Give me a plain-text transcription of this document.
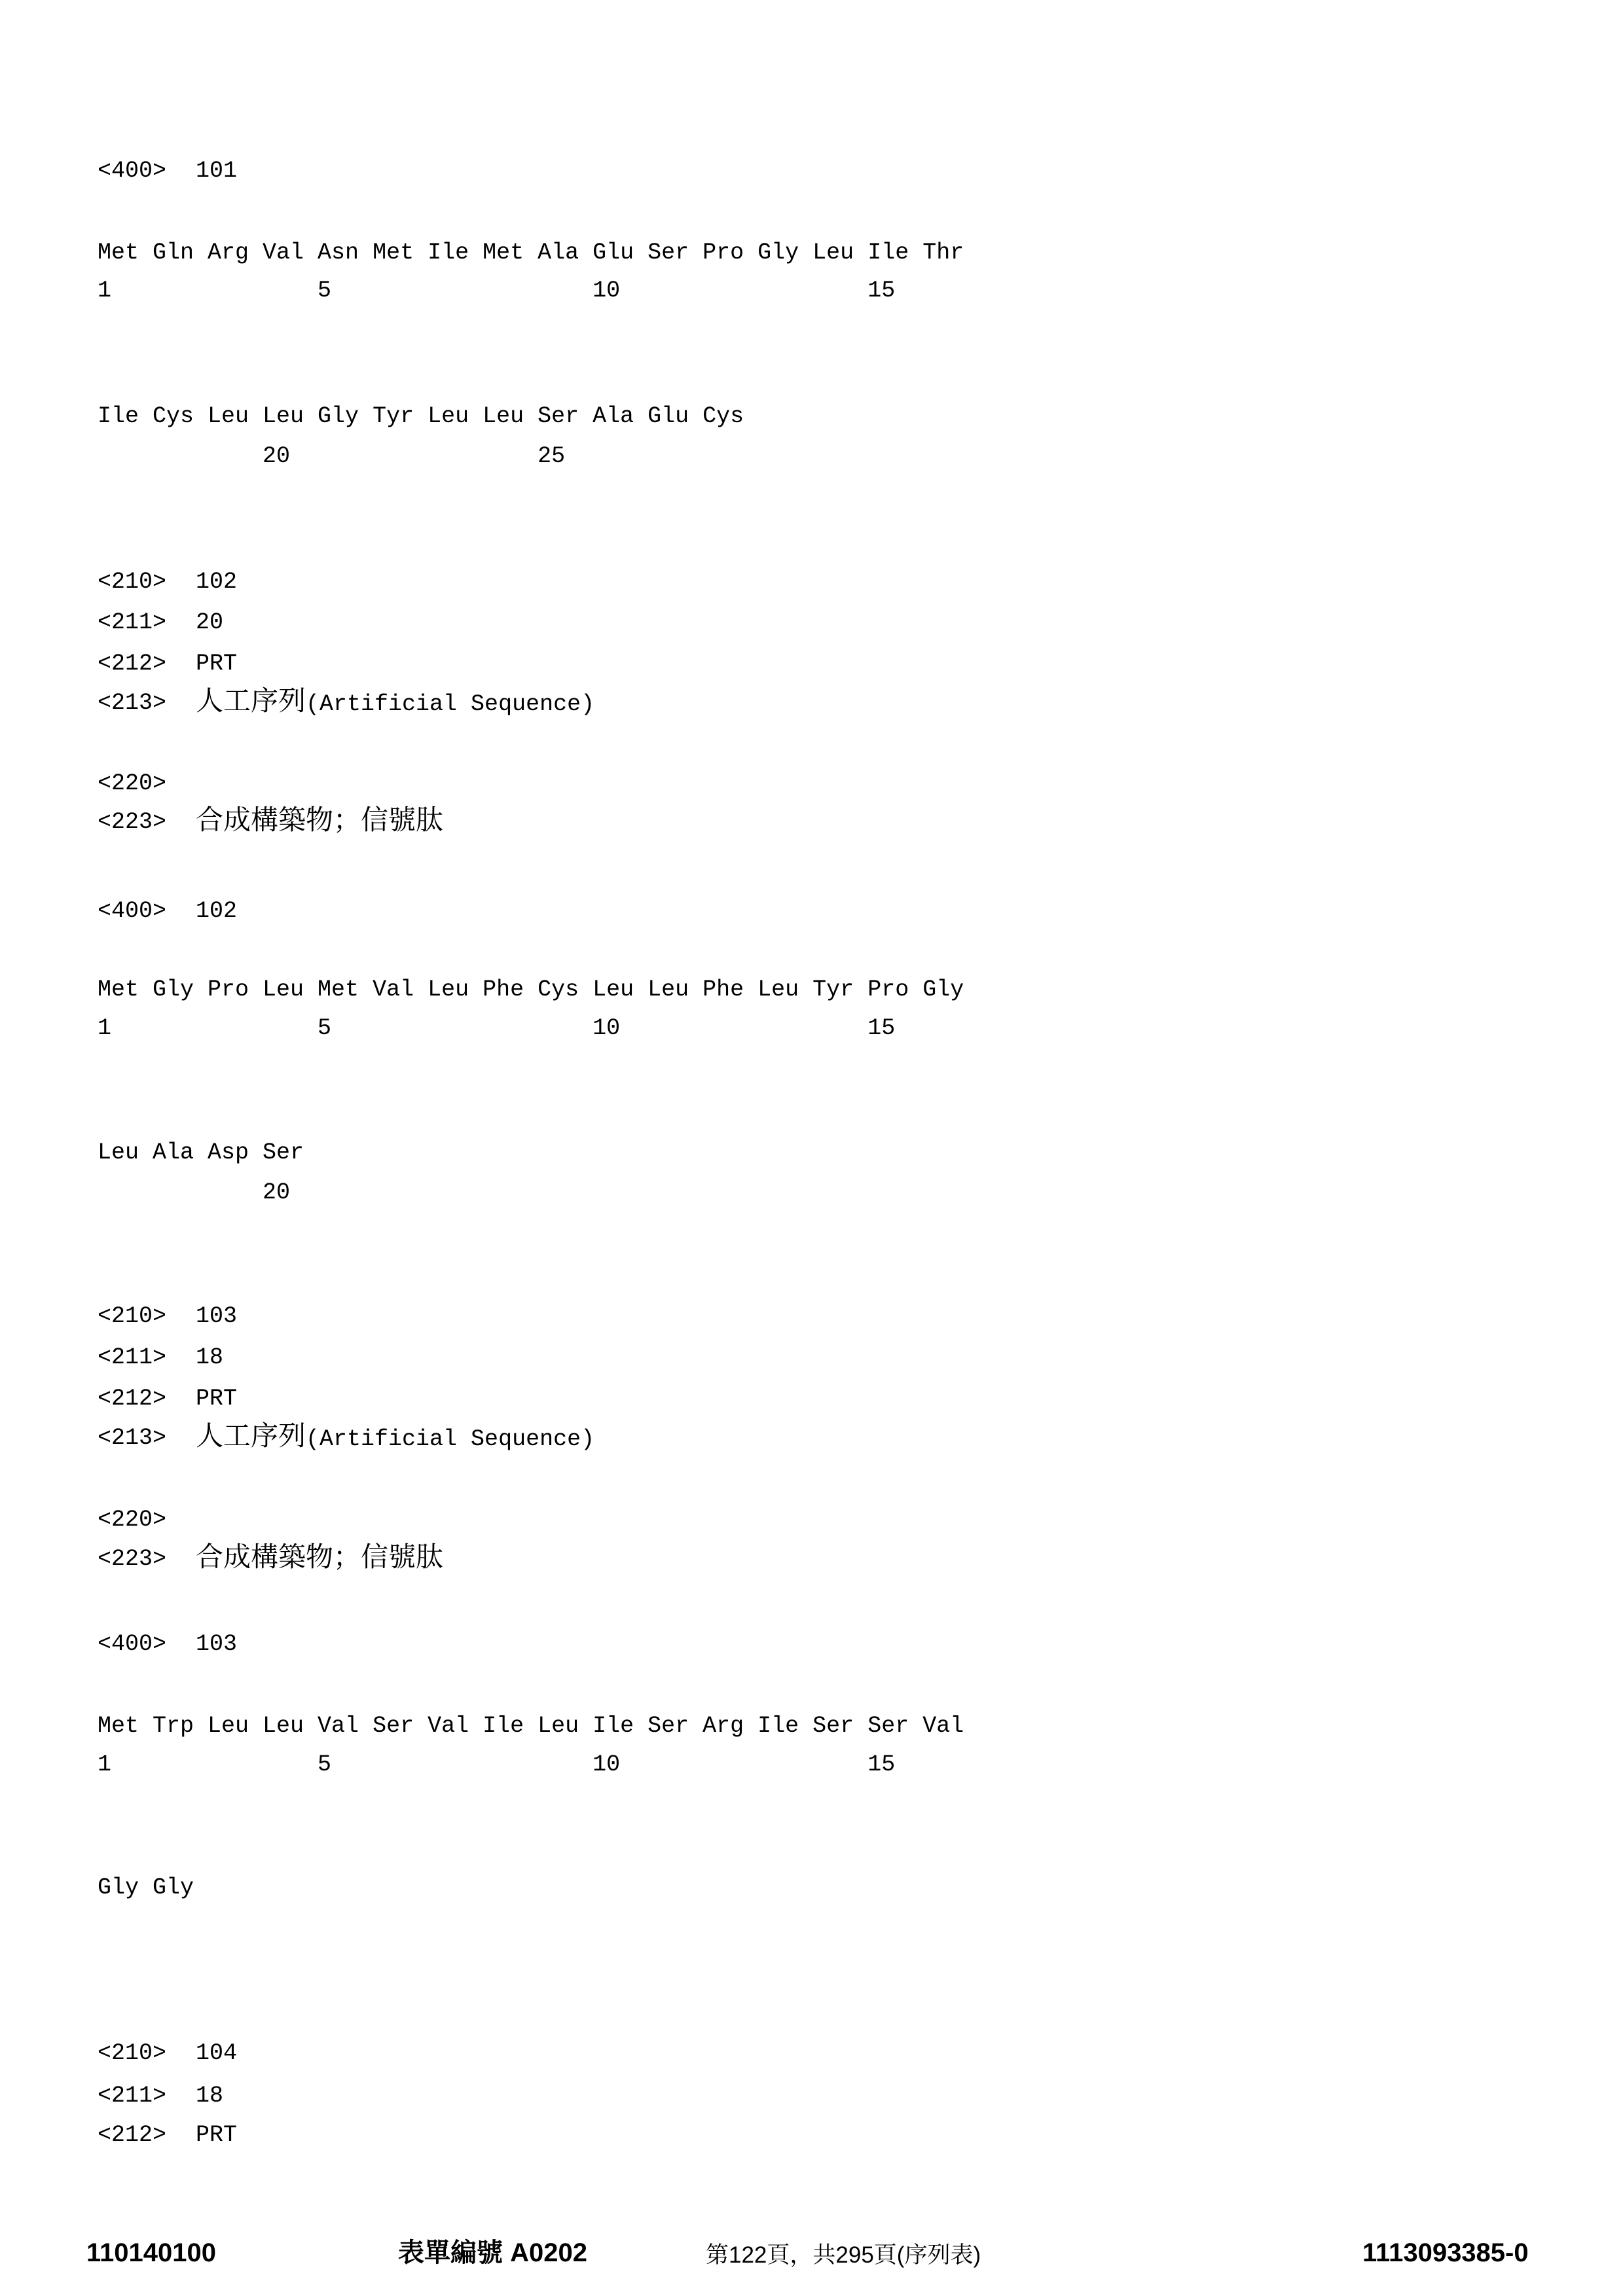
<400> 101
Met Gln Arg Val Asn Met Ile Met Ala Glu Ser Pro Gly Leu Ile Thr
1               5                   10                  15
Ile Cys Leu Leu Gly Tyr Leu Leu Ser Ala Glu Cys
20                  25
<210> 102
<211> 20
<212> PRT
<213> 人工序列(Artificial Sequence)
<220>
<223> 合成構築物；信號肽
<400> 102
Met Gly Pro Leu Met Val Leu Phe Cys Leu Leu Phe Leu Tyr Pro Gly
1               5                   10                  15
Leu Ala Asp Ser
20
<210> 103
<211> 18
<212> PRT
<213> 人工序列(Artificial Sequence)
<220>
<223> 合成構築物；信號肽
<400> 103
Met Trp Leu Leu Val Ser Val Ile Leu Ile Ser Arg Ile Ser Ser Val
1               5                   10                  15
Gly Gly
<210> 104
<211> 18
<212> PRT
110140100	表單編號 A0202	第122頁，共295頁(序列表)	1113093385-0
